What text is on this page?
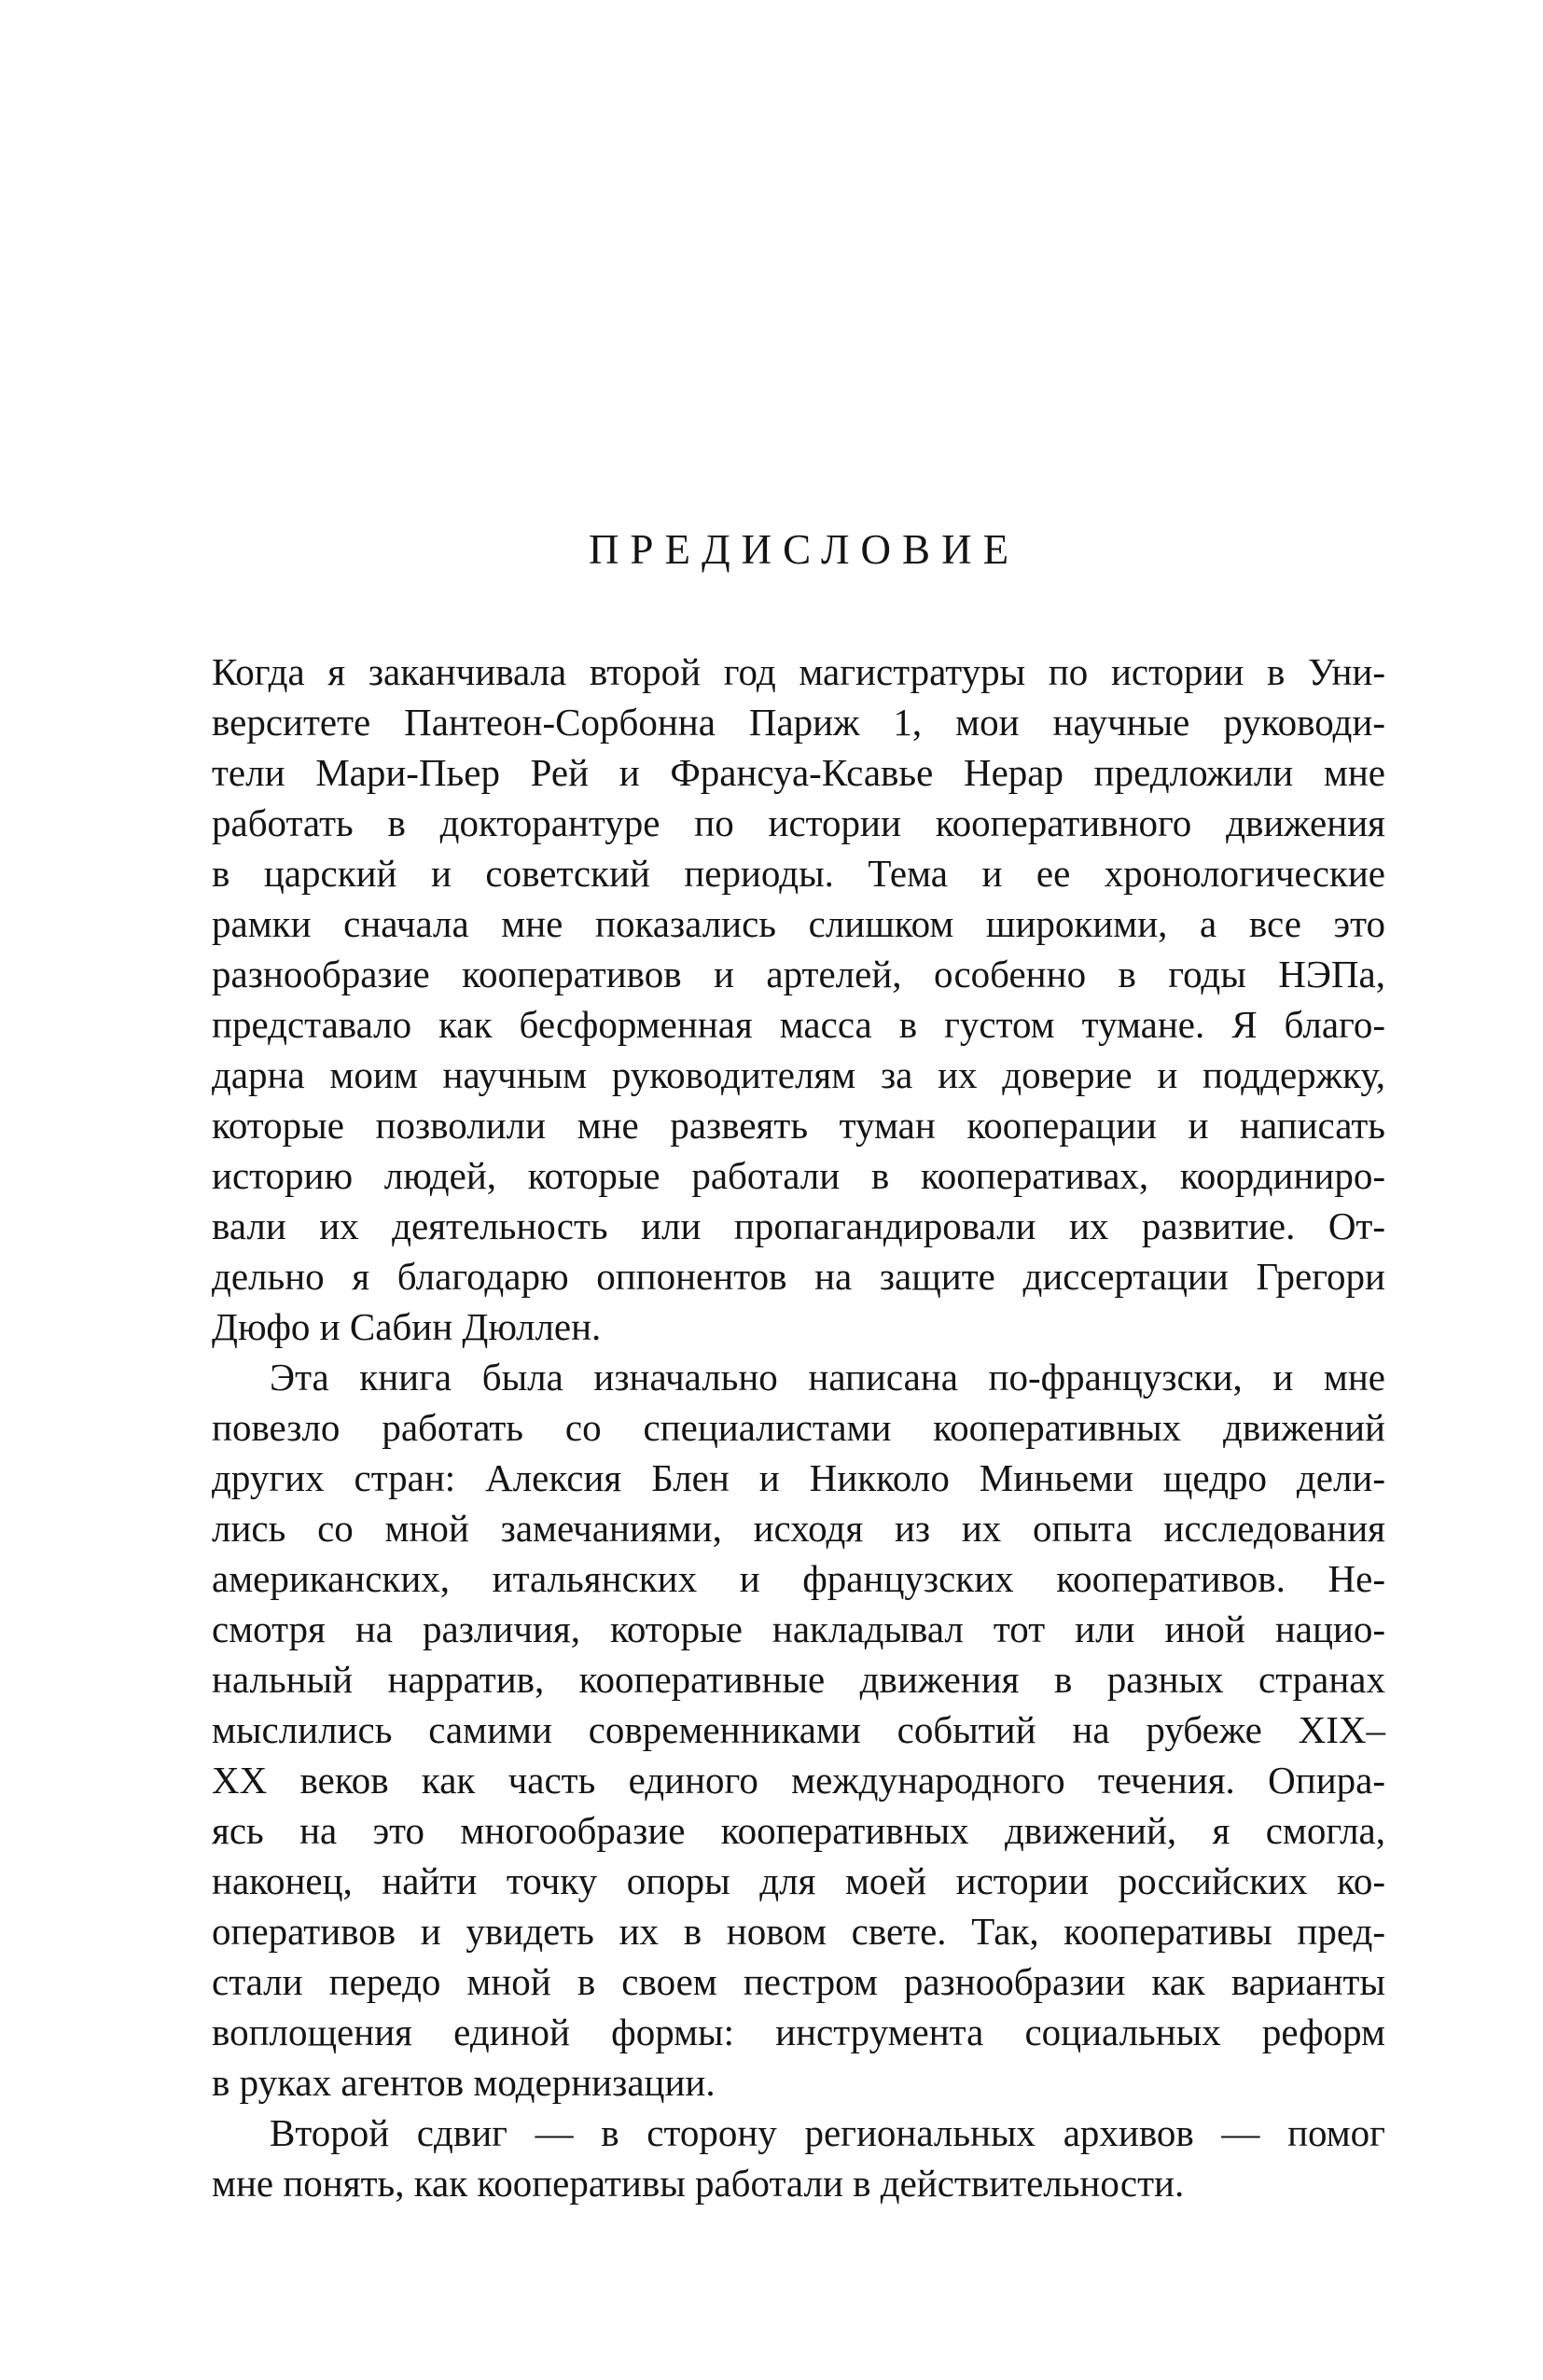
ПРЕДИСЛОВИЕ
Когда я заканчивала второй год магистратуры по истории в Уни-
верситете Пантеон-Сорбонна Париж 1, мои научные руководи-
тели Мари-Пьер Рей и Франсуа-Ксавье Нерар предложили мне
работать в докторантуре по истории кооперативного движения
в царский и советский периоды. Тема и ее хронологические
рамки сначала мне показались слишком широкими, а все это
разнообразие кооперативов и артелей, особенно в годы НЭПа,
представало как бесформенная масса в густом тумане. Я благо-
дарна моим научным руководителям за их доверие и поддержку,
которые позволили мне развеять туман кооперации и написать
историю людей, которые работали в кооперативах, координиро-
вали их деятельность или пропагандировали их развитие. От-
дельно я благодарю оппонентов на защите диссертации Грегори
Дюфо и Сабин Дюллен.
Эта книга была изначально написана по-французски, и мне
повезло работать со специалистами кооперативных движений
других стран: Алексия Блен и Никколо Миньеми щедро дели-
лись со мной замечаниями, исходя из их опыта исследования
американских, итальянских и французских кооперативов. Не-
смотря на различия, которые накладывал тот или иной нацио-
нальный нарратив, кооперативные движения в разных странах
мыслились самими современниками событий на рубеже XIX–
XX веков как часть единого международного течения. Опира-
ясь на это многообразие кооперативных движений, я смогла,
наконец, найти точку опоры для моей истории российских ко-
оперативов и увидеть их в новом свете. Так, кооперативы пред-
стали передо мной в своем пестром разнообразии как варианты
воплощения единой формы: инструмента социальных реформ
в руках агентов модернизации.
Второй сдвиг — в сторону региональных архивов — помог
мне понять, как кооперативы работали в действительности.
